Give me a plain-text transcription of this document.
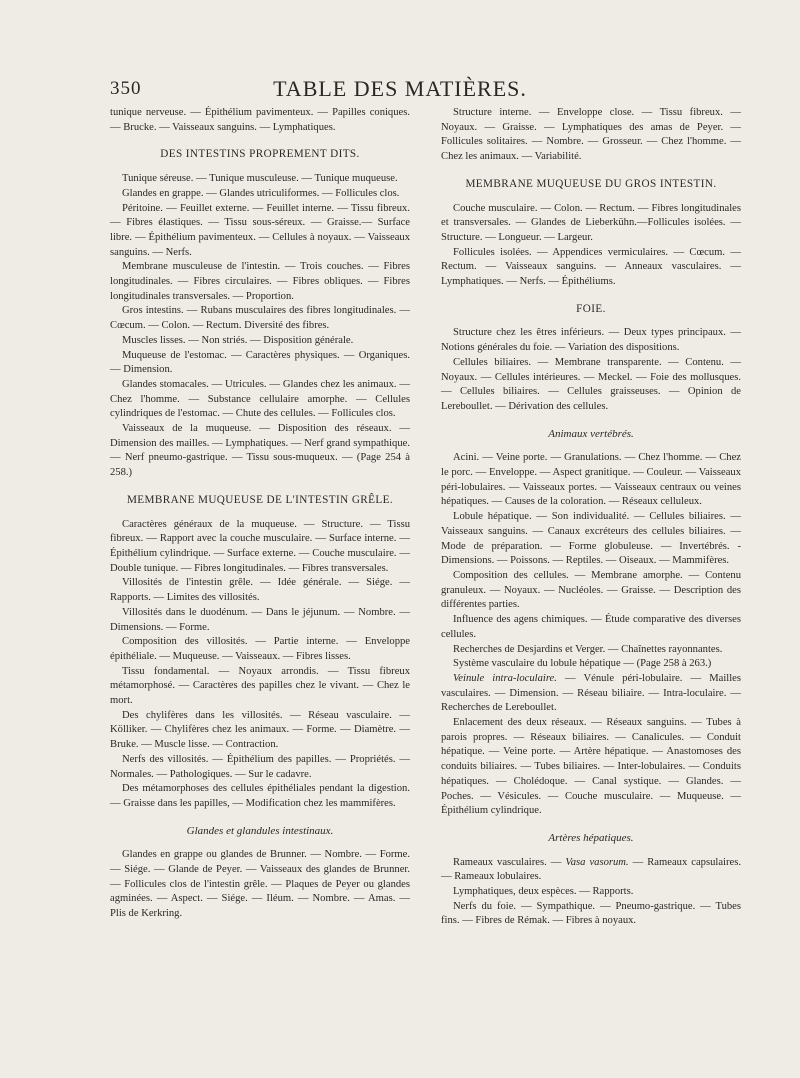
350	TABLE DES MATIÈRES.

tunique nerveuse. — Épithélium pavimenteux. — Papilles coniques. — Brucke. — Vaisseaux sanguins. — Lymphatiques.

DES INTESTINS PROPREMENT DITS.

Tunique séreuse. — Tunique musculeuse. — Tunique muqueuse.

Glandes en grappe. — Glandes utriculiformes. — Follicules clos.

Péritoine. — Feuillet externe. — Feuillet interne. — Tissu fibreux. — Fibres élastiques. — Tissu sous-séreux. — Graisse.— Surface libre. — Épithélium pavimenteux. — Cellules à noyaux. — Vaisseaux sanguins. — Nerfs.

Membrane musculeuse de l'intestin. — Trois couches. — Fibres longitudinales. — Fibres circulaires. — Fibres obliques. — Fibres longitudinales transversales. — Proportion.

Gros intestins. — Rubans musculaires des fibres longitudinales. — Cœcum. — Colon. — Rectum. Diversité des fibres.

Muscles lisses. — Non striés. — Disposition générale.

Muqueuse de l'estomac. — Caractères physiques. — Organiques. — Dimension.

Glandes stomacales. — Utricules. — Glandes chez les animaux. — Chez l'homme. — Substance cellulaire amorphe. — Cellules cylindriques de l'estomac. — Chute des cellules. — Follicules clos.

Vaisseaux de la muqueuse. — Disposition des réseaux. — Dimension des mailles. — Lymphatiques. — Nerf grand sympathique. — Nerf pneumo-gastrique. — Tissu sous-muqueux. — (Page 254 à 258.)

MEMBRANE MUQUEUSE DE L'INTESTIN GRÊLE.

Caractères généraux de la muqueuse. — Structure. — Tissu fibreux. — Rapport avec la couche musculaire. — Surface interne. — Épithélium cylindrique. — Surface externe. — Couche musculaire. — Double tunique. — Fibres longitudinales. — Fibres transversales.

Villosités de l'intestin grêle. — Idée générale. — Siége. — Rapports. — Limites des villosités.

Villosités dans le duodénum. — Dans le jéjunum. — Nombre. — Dimensions. — Forme.

Composition des villosités. — Partie interne. — Enveloppe épithéliale. — Muqueuse. — Vaisseaux. — Fibres lisses.

Tissu fondamental. — Noyaux arrondis. — Tissu fibreux métamorphosé. — Caractères des papilles chez le vivant. — Chez le mort.

Des chylifères dans les villosités. — Réseau vasculaire. — Kölliker. — Chylifères chez les animaux. — Forme. — Diamètre. — Bruke. — Muscle lisse. — Contraction.

Nerfs des villosités. — Épithélium des papilles. — Propriétés. — Normales. — Pathologiques. — Sur le cadavre.

Des métamorphoses des cellules épithéliales pendant la digestion. — Graisse dans les papilles, — Modification chez les mammifères.

Glandes et glandules intestinaux.

Glandes en grappe ou glandes de Brunner. — Nombre. — Forme. — Siége. — Glande de Peyer. — Vaisseaux des glandes de Brunner. — Follicules clos de l'intestin grêle. — Plaques de Peyer ou glandes agminées. — Aspect. — Siége. — Iléum. — Nombre. — Amas. — Plis de Kerkring.

Structure interne. — Enveloppe close. — Tissu fibreux. — Noyaux. — Graisse. — Lymphatiques des amas de Peyer. — Follicules solitaires. — Nombre. — Grosseur. — Chez l'homme. — Chez les animaux. — Variabilité.

MEMBRANE MUQUEUSE DU GROS INTESTIN.

Couche musculaire. — Colon. — Rectum. — Fibres longitudinales et transversales. — Glandes de Lieberkühn.—Follicules isolées. — Structure. — Longueur. — Largeur.

Follicules isolées. — Appendices vermiculaires. — Cœcum. — Rectum. — Vaisseaux sanguins. — Anneaux vasculaires. — Lymphatiques. — Nerfs. — Épithéliums.

FOIE.

Structure chez les êtres inférieurs. — Deux types principaux. — Notions générales du foie. — Variation des dispositions.

Cellules biliaires. — Membrane transparente. — Contenu. — Noyaux. — Cellules intérieures. — Meckel. — Foie des mollusques. — Cellules biliaires. — Cellules graisseuses. — Opinion de Lereboullet. — Dérivation des cellules.

Animaux vertébrés.

Acini. — Veine porte. — Granulations. — Chez l'homme. — Chez le porc. — Enveloppe. — Aspect granitique. — Couleur. — Vaisseaux péri-lobulaires. — Vaisseaux portes. — Vaisseaux centraux ou veines hépatiques. — Causes de la coloration. — Réseaux celluleux.

Lobule hépatique. — Son individualité. — Cellules biliaires. — Vaisseaux sanguins. — Canaux excréteurs des cellules biliaires. — Mode de préparation. — Forme globuleuse. — Invertébrés. - Dimensions. — Poissons. — Reptiles. — Oiseaux. — Mammifères.

Composition des cellules. — Membrane amorphe. — Contenu granuleux. — Noyaux. — Nucléoles. — Graisse. — Description des différentes parties.

Influence des agens chimiques. — Étude comparative des diverses cellules.

Recherches de Desjardins et Verger. — Chaînettes rayonnantes.

Système vasculaire du lobule hépatique — (Page 258 à 263.)

Veinule intra-loculaire. — Vénule péri-lobulaire. — Mailles vasculaires. — Dimension. — Réseau biliaire. — Intra-loculaire. — Recherches de Lereboullet.

Enlacement des deux réseaux. — Réseaux sanguins. — Tubes à parois propres. — Réseaux biliaires. — Canalicules. — Conduit hépatique. — Veine porte. — Artère hépatique. — Anastomoses des conduits biliaires. — Tubes biliaires. — Inter-lobulaires. — Conduits hépatiques. — Cholédoque. — Canal systique. — Glandes. — Poches. — Vésicules. — Couche musculaire. — Muqueuse. — Épithélium cylindrique.

Artères hépatiques.

Rameaux vasculaires. — Vasa vasorum. — Rameaux capsulaires. — Rameaux lobulaires.

Lymphatiques, deux espèces. — Rapports.

Nerfs du foie. — Sympathique. — Pneumo-gastrique. — Tubes fins. — Fibres de Rémak. — Fibres à noyaux.
